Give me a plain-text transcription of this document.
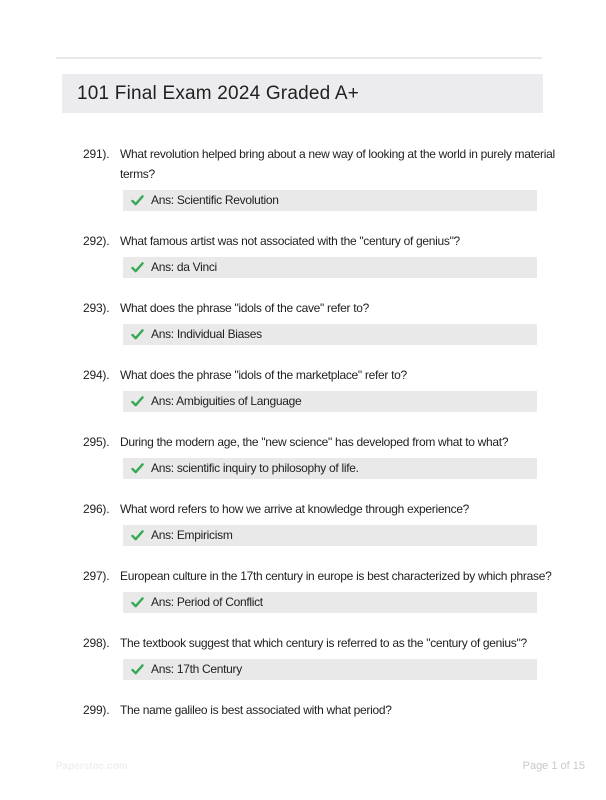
101 Final Exam 2024 Graded A+
291). What revolution helped bring about a new way of looking at the world in purely material terms?

Ans: Scientific Revolution
292). What famous artist was not associated with the "century of genius"?

Ans: da Vinci
293). What does the phrase "idols of the cave" refer to?

Ans: Individual Biases
294). What does the phrase "idols of the marketplace" refer to?

Ans: Ambiguities of Language
295). During the modern age, the "new science" has developed from what to what?

Ans: scientific inquiry to philosophy of life.
296). What word refers to how we arrive at knowledge through experience?

Ans: Empiricism
297). European culture in the 17th century in europe is best characterized by which phrase?

Ans: Period of Conflict
298). The textbook suggest that which century is referred to as the "century of genius"?

Ans: 17th Century
299). The name galileo is best associated with what period?

Paperstoc.com	Page 1 of 15
